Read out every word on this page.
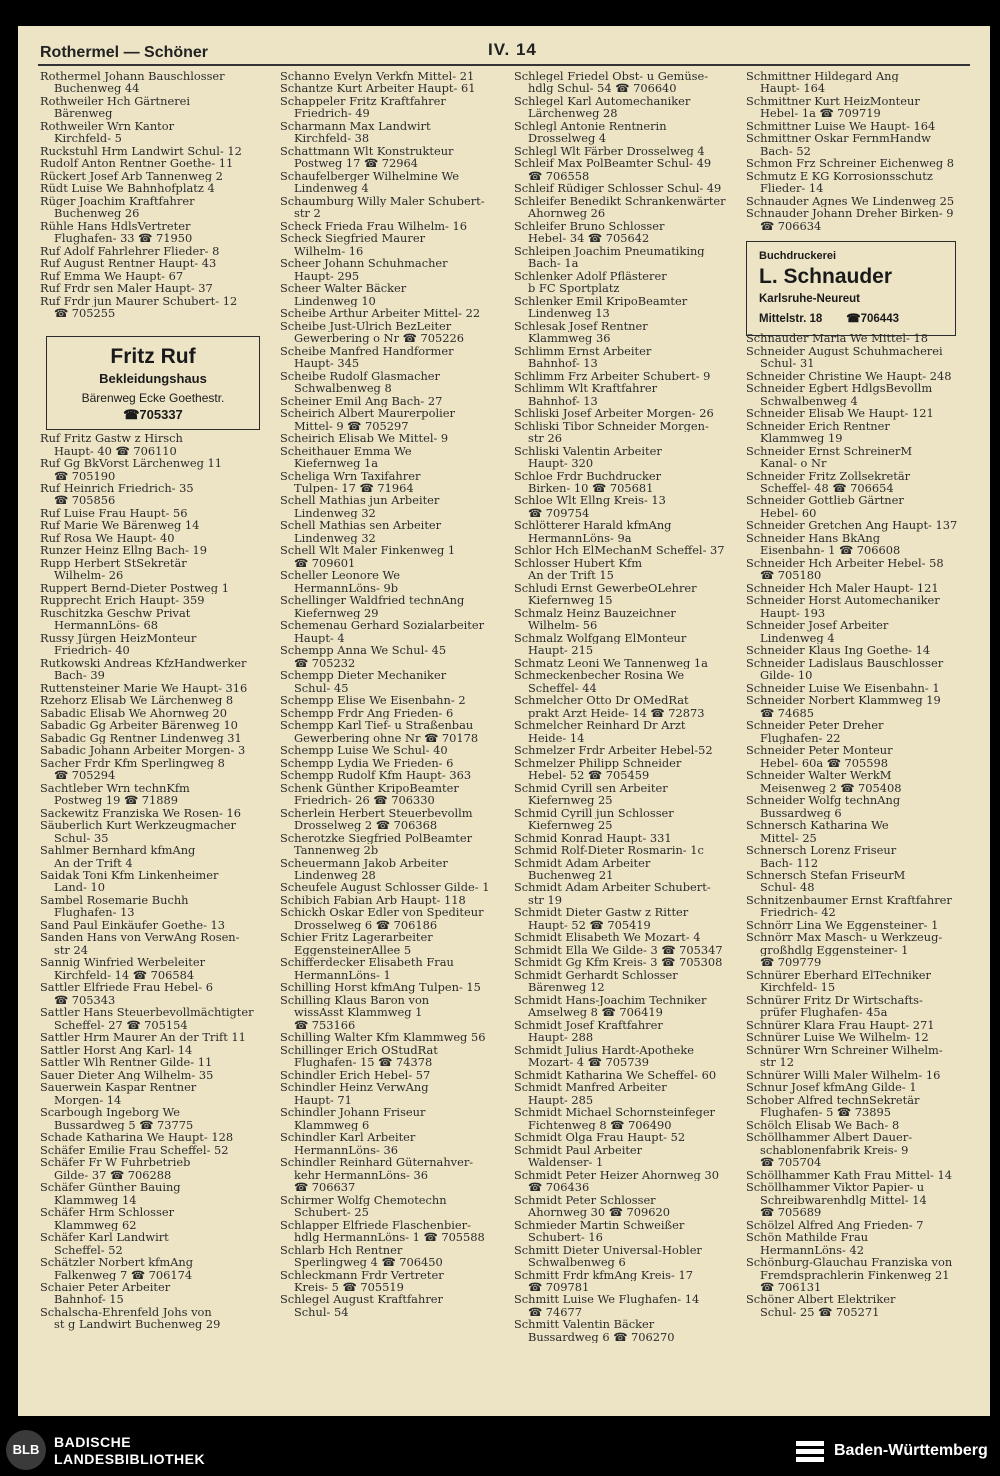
Rothermel — Schöner	IV. 14
Rothermel Johann Bauschlosser
Buchenweg 44
Rothweiler Hch Gärtnerei
Bärenweg
Rothweiler Wrn Kantor
Kirchfeld- 5
Ruckstuhl Hrm Landwirt Schul- 12
Rudolf Anton Rentner Goethe- 11
Rückert Josef Arb Tannenweg 2
Rüdt Luise We Bahnhofplatz 4
Rüger Joachim Kraftfahrer
Buchenweg 26
Rühle Hans HdlsVertreter
Flughafen- 33 ☎ 71950
Ruf Adolf Fahrlehrer Flieder- 8
Ruf August Rentner Haupt- 43
Ruf Emma We Haupt- 67
Ruf Frdr sen Maler Haupt- 37
Ruf Frdr jun Maurer Schubert- 12
☎ 705255

Ruf Fritz Gastw z Hirsch
Haupt- 40 ☎ 706110
Ruf Gg BkVorst Lärchenweg 11
☎ 705190
Ruf Heinrich Friedrich- 35
☎ 705856
Ruf Luise Frau Haupt- 56
Ruf Marie We Bärenweg 14
Ruf Rosa We Haupt- 40
Runzer Heinz Ellng Bach- 19
Rupp Herbert StSekretär
Wilhelm- 26
Ruppert Bernd-Dieter Postweg 1
Rupprecht Erich Haupt- 359
Ruschitzka Geschw Privat
HermannLöns- 68
Russy Jürgen HeizMonteur
Friedrich- 40
Rutkowski Andreas KfzHandwerker
Bach- 39
Ruttensteiner Marie We Haupt- 316
Rzehorz Elisab We Lärchenweg 8
Sabadic Elisab We Ahornweg 20
Sabadic Gg Arbeiter Bärenweg 10
Sabadic Gg Rentner Lindenweg 31
Sabadic Johann Arbeiter Morgen- 3
Sacher Frdr Kfm Sperlingweg 8
☎ 705294
Sachtleber Wrn technKfm
Postweg 19 ☎ 71889
Sackewitz Franziska We Rosen- 16
Säuberlich Kurt Werkzeugmacher
Schul- 35
Sahlmer Bernhard kfmAng
An der Trift 4
Saidak Toni Kfm Linkenheimer
Land- 10
Sambel Rosemarie Buchh
Flughafen- 13
Sand Paul Einkäufer Goethe- 13
Sanden Hans von VerwAng Rosen-
str 24
Sannig Winfried Werbeleiter
Kirchfeld- 14 ☎ 706584
Sattler Elfriede Frau Hebel- 6
☎ 705343
Sattler Hans Steuerbevollmächtigter
Scheffel- 27 ☎ 705154
Sattler Hrm Maurer An der Trift 11
Sattler Horst Ang Karl- 14
Sattler Wlh Rentner Gilde- 11
Sauer Dieter Ang Wilhelm- 35
Sauerwein Kaspar Rentner
Morgen- 14
Scarbough Ingeborg We
Bussardweg 5 ☎ 73775
Schade Katharina We Haupt- 128
Schäfer Emilie Frau Scheffel- 52
Schäfer Fr W Fuhrbetrieb
Gilde- 37 ☎ 706288
Schäfer Günther Bauing
Klammweg 14
Schäfer Hrm Schlosser
Klammweg 62
Schäfer Karl Landwirt
Scheffel- 52
Schätzler Norbert kfmAng
Falkenweg 7 ☎ 706174
Schaier Peter Arbeiter
Bahnhof- 15
Schalscha-Ehrenfeld Johs von
st g Landwirt Buchenweg 29
Schanno Evelyn Verkfn Mittel- 21
Schantze Kurt Arbeiter Haupt- 61
Schappeler Fritz Kraftfahrer
Friedrich- 49
Scharmann Max Landwirt
Kirchfeld- 38
Schattmann Wlt Konstrukteur
Postweg 17 ☎ 72964
Schaufelberger Wilhelmine We
Lindenweg 4
Schaumburg Willy Maler Schubert-
str 2
Scheck Frieda Frau Wilhelm- 16
Scheck Siegfried Maurer
Wilhelm- 16
Scheer Johann Schuhmacher
Haupt- 295
Scheer Walter Bäcker
Lindenweg 10
Scheibe Arthur Arbeiter Mittel- 22
Scheibe Just-Ulrich BezLeiter
Gewerbering o Nr ☎ 705226
Scheibe Manfred Handformer
Haupt- 345
Scheibe Rudolf Glasmacher
Schwalbenweg 8
Scheiner Emil Ang Bach- 27
Scheirich Albert Maurerpolier
Mittel- 9 ☎ 705297
Scheirich Elisab We Mittel- 9
Scheithauer Emma We
Kiefernweg 1a
Scheliga Wrn Taxifahrer
Tulpen- 17 ☎ 71964
Schell Mathias jun Arbeiter
Lindenweg 32
Schell Mathias sen Arbeiter
Lindenweg 32
Schell Wlt Maler Finkenweg 1
☎ 709601
Scheller Leonore We
HermannLöns- 9b
Schellinger Waldfried technAng
Kiefernweg 29
Schemenau Gerhard Sozialarbeiter
Haupt- 4
Schempp Anna We Schul- 45
☎ 705232
Schempp Dieter Mechaniker
Schul- 45
Schempp Elise We Eisenbahn- 2
Schempp Frdr Ang Frieden- 6
Schempp Karl Tief- u Straßenbau
Gewerbering ohne Nr ☎ 70178
Schempp Luise We Schul- 40
Schempp Lydia We Frieden- 6
Schempp Rudolf Kfm Haupt- 363
Schenk Günther KripoBeamter
Friedrich- 26 ☎ 706330
Scherlein Herbert Steuerbevollm
Drosselweg 2 ☎ 706368
Scherotzke Siegfried PolBeamter
Tannenweg 2b
Scheuermann Jakob Arbeiter
Lindenweg 28
Scheufele August Schlosser Gilde- 1
Schibich Fabian Arb Haupt- 118
Schickh Oskar Edler von Spediteur
Drosselweg 6 ☎ 706186
Schier Fritz Lagerarbeiter
EggensteinerAllee 5
Schifferdecker Elisabeth Frau
HermannLöns- 1
Schilling Horst kfmAng Tulpen- 15
Schilling Klaus Baron von
wissAsst Klammweg 1
☎ 753166
Schilling Walter Kfm Klammweg 56
Schillinger Erich OStudRat
Flughafen- 15 ☎ 74378
Schindler Erich Hebel- 57
Schindler Heinz VerwAng
Haupt- 71
Schindler Johann Friseur
Klammweg 6
Schindler Karl Arbeiter
HermannLöns- 36
Schindler Reinhard Güternahver-
kehr HermannLöns- 36
☎ 706637
Schirmer Wolfg Chemotechn
Schubert- 25
Schlapper Elfriede Flaschenbier-
hdlg HermannLöns- 1 ☎ 705588
Schlarb Hch Rentner
Sperlingweg 4 ☎ 706450
Schleckmann Frdr Vertreter
Kreis- 5 ☎ 705519
Schlegel August Kraftfahrer
Schul- 54
Schlegel Friedel Obst- u Gemüse-
hdlg Schul- 54 ☎ 706640
Schlegel Karl Automechaniker
Lärchenweg 28
Schlegl Antonie Rentnerin
Drosselweg 4
Schlegl Wlt Färber Drosselweg 4
Schleif Max PolBeamter Schul- 49
☎ 706558
Schleif Rüdiger Schlosser Schul- 49
Schleifer Benedikt Schrankenwärter
Ahornweg 26
Schleifer Bruno Schlosser
Hebel- 34 ☎ 705642
Schleipen Joachim Pneumatiking
Bach- 1a
Schlenker Adolf Pflästerer
b FC Sportplatz
Schlenker Emil KripoBeamter
Lindenweg 13
Schlesak Josef Rentner
Klammweg 36
Schlimm Ernst Arbeiter
Bahnhof- 13
Schlimm Frz Arbeiter Schubert- 9
Schlimm Wlt Kraftfahrer
Bahnhof- 13
Schliski Josef Arbeiter Morgen- 26
Schliski Tibor Schneider Morgen-
str 26
Schliski Valentin Arbeiter
Haupt- 320
Schloe Frdr Buchdrucker
Birken- 10 ☎ 705681
Schloe Wlt Ellng Kreis- 13
☎ 709754
Schlötterer Harald kfmAng
HermannLöns- 9a
Schlor Hch ElMechanM Scheffel- 37
Schlosser Hubert Kfm
An der Trift 15
Schludi Ernst GewerbeOLehrer
Kiefernweg 15
Schmalz Heinz Bauzeichner
Wilhelm- 56
Schmalz Wolfgang ElMonteur
Haupt- 215
Schmatz Leoni We Tannenweg 1a
Schmeckenbecher Rosina We
Scheffel- 44
Schmelcher Otto Dr OMedRat
prakt Arzt Heide- 14 ☎ 72873
Schmelcher Reinhard Dr Arzt
Heide- 14
Schmelzer Frdr Arbeiter Hebel-52
Schmelzer Philipp Schneider
Hebel- 52 ☎ 705459
Schmid Cyrill sen Arbeiter
Kiefernweg 25
Schmid Cyrill jun Schlosser
Kiefernweg 25
Schmid Konrad Haupt- 331
Schmid Rolf-Dieter Rosmarin- 1c
Schmidt Adam Arbeiter
Buchenweg 21
Schmidt Adam Arbeiter Schubert-
str 19
Schmidt Dieter Gastw z Ritter
Haupt- 52 ☎ 705419
Schmidt Elisabeth We Mozart- 4
Schmidt Ella We Gilde- 3 ☎ 705347
Schmidt Gg Kfm Kreis- 3 ☎ 705308
Schmidt Gerhardt Schlosser
Bärenweg 12
Schmidt Hans-Joachim Techniker
Amselweg 8 ☎ 706419
Schmidt Josef Kraftfahrer
Haupt- 288
Schmidt Julius Hardt-Apotheke
Mozart- 4 ☎ 705739
Schmidt Katharina We Scheffel- 60
Schmidt Manfred Arbeiter
Haupt- 285
Schmidt Michael Schornsteinfeger
Fichtenweg 8 ☎ 706490
Schmidt Olga Frau Haupt- 52
Schmidt Paul Arbeiter
Waldenser- 1
Schmidt Peter Heizer Ahornweg 30
☎ 706436
Schmidt Peter Schlosser
Ahornweg 30 ☎ 709620
Schmieder Martin Schweißer
Schubert- 16
Schmitt Dieter Universal-Hobler
Schwalbenweg 6
Schmitt Frdr kfmAng Kreis- 17
☎ 709781
Schmitt Luise We Flughafen- 14
☎ 74677
Schmitt Valentin Bäcker
Bussardweg 6 ☎ 706270
Schmittner Hildegard Ang
Haupt- 164
Schmittner Kurt HeizMonteur
Hebel- 1a ☎ 709719
Schmittner Luise We Haupt- 164
Schmittner Oskar FernmHandw
Bach- 52
Schmon Frz Schreiner Eichenweg 8
Schmutz E KG Korrosionsschutz
Flieder- 14
Schnauder Agnes We Lindenweg 25
Schnauder Johann Dreher Birken- 9
☎ 706634

Schnauder Maria We Mittel- 18
Schneider August Schuhmacherei
Schul- 31
Schneider Christine We Haupt- 248
Schneider Egbert HdlgsBevollm
Schwalbenweg 4
Schneider Elisab We Haupt- 121
Schneider Erich Rentner
Klammweg 19
Schneider Ernst SchreinerM
Kanal- o Nr
Schneider Fritz Zollsekretär
Scheffel- 48 ☎ 706654
Schneider Gottlieb Gärtner
Hebel- 60
Schneider Gretchen Ang Haupt- 137
Schneider Hans BkAng
Eisenbahn- 1 ☎ 706608
Schneider Hch Arbeiter Hebel- 58
☎ 705180
Schneider Hch Maler Haupt- 121
Schneider Horst Automechaniker
Haupt- 193
Schneider Josef Arbeiter
Lindenweg 4
Schneider Klaus Ing Goethe- 14
Schneider Ladislaus Bauschlosser
Gilde- 10
Schneider Luise We Eisenbahn- 1
Schneider Norbert Klammweg 19
☎ 74685
Schneider Peter Dreher
Flughafen- 22
Schneider Peter Monteur
Hebel- 60a ☎ 705598
Schneider Walter WerkM
Meisenweg 2 ☎ 705408
Schneider Wolfg technAng
Bussardweg 6
Schnersch Katharina We
Mittel- 25
Schnersch Lorenz Friseur
Bach- 112
Schnersch Stefan FriseurM
Schul- 48
Schnitzenbaumer Ernst Kraftfahrer
Friedrich- 42
Schnörr Lina We Eggensteiner- 1
Schnörr Max Masch- u Werkzeug-
großhdlg Eggensteiner- 1
☎ 709779
Schnürer Eberhard ElTechniker
Kirchfeld- 15
Schnürer Fritz Dr Wirtschafts-
prüfer Flughafen- 45a
Schnürer Klara Frau Haupt- 271
Schnürer Luise We Wilhelm- 12
Schnürer Wrn Schreiner Wilhelm-
str 12
Schnürer Willi Maler Wilhelm- 16
Schnur Josef kfmAng Gilde- 1
Schober Alfred technSekretär
Flughafen- 5 ☎ 73895
Schölch Elisab We Bach- 8
Schöllhammer Albert Dauer-
schablonenfabrik Kreis- 9
☎ 705704
Schöllhammer Kath Frau Mittel- 14
Schöllhammer Viktor Papier- u
Schreibwarenhdlg Mittel- 14
☎ 705689
Schölzel Alfred Ang Frieden- 7
Schön Mathilde Frau
HermannLöns- 42
Schönburg-Glauchau Franziska von
Fremdsprachlerin Finkenweg 21
☎ 706131
Schöner Albert Elektriker
Schul- 25 ☎ 705271
Fritz Ruf
Bekleidungshaus
Bärenweg Ecke Goethestr.
☎705337
Buchdruckerei
L. Schnauder
Karlsruhe-Neureut
Mittelstr. 18 ☎706443
BLB	BADISCHE
LANDESBIBLIOTHEK	Baden-Württemberg
